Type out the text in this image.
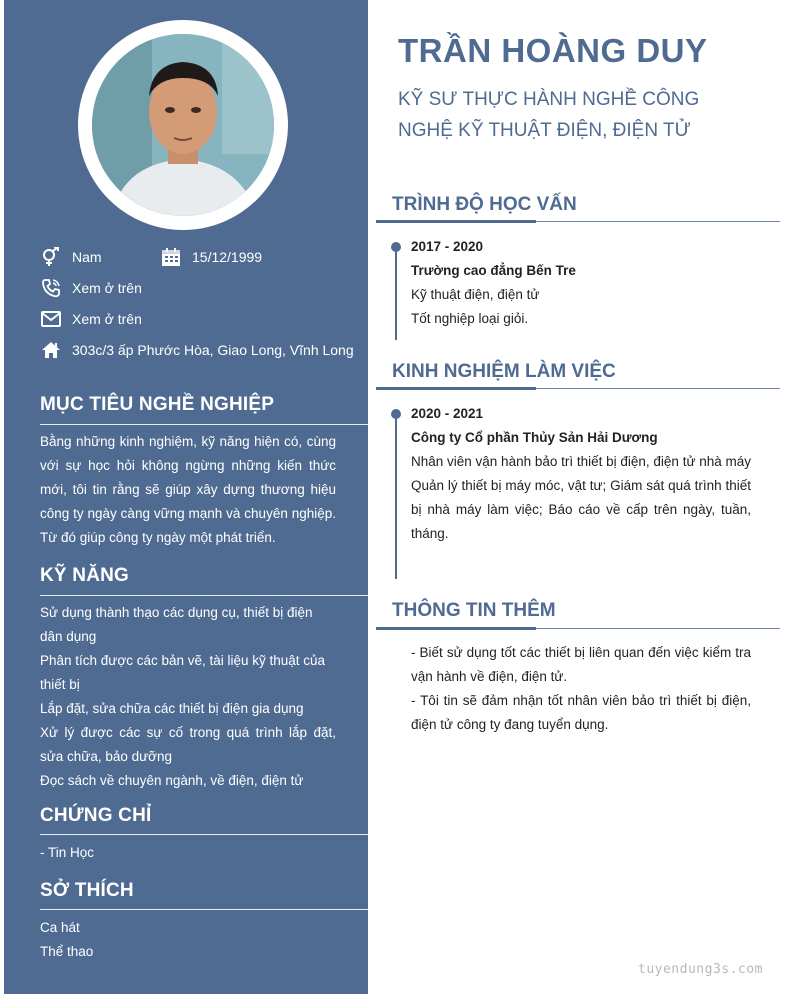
Nam	15/12/1999
Xem ở trên
Xem ở trên
303c/3 ấp Phước Hòa, Giao Long, Vĩnh Long
MỤC TIÊU NGHỀ NGHIỆP
Bằng những kinh nghiệm, kỹ năng hiện có, cùng với sự học hỏi không ngừng những kiến thức mới, tôi tin rằng sẽ giúp xây dựng thương hiệu công ty ngày càng vững mạnh và chuyên nghiệp. Từ đó giúp công ty ngày một phát triển.
KỸ NĂNG
Sử dụng thành thạo các dụng cụ, thiết bị điện dân dụng
Phân tích được các bản vẽ, tài liệu kỹ thuật của thiết bị
Lắp đặt, sửa chữa các thiết bị điện gia dụng
Xử lý được các sự cố trong quá trình lắp đặt, sửa chữa, bảo dưỡng
Đọc sách về chuyên ngành, về điện, điện tử
CHỨNG CHỈ
- Tin Học
SỞ THÍCH
Ca hát
Thể thao
TRẦN HOÀNG DUY
KỸ SƯ THỰC HÀNH NGHỀ CÔNG
NGHỆ KỸ THUẬT ĐIỆN, ĐIỆN TỬ
TRÌNH ĐỘ HỌC VẤN
2017 - 2020
Trường cao đẳng Bến Tre
Kỹ thuật điện, điện tử
Tốt nghiệp loại giỏi.
KINH NGHIỆM LÀM VIỆC
2020 - 2021
Công ty Cổ phần Thủy Sản Hải Dương
Nhân viên vận hành bảo trì thiết bị điện, điện tử nhà máy
Quản lý thiết bị máy móc, vật tư; Giám sát quá trình thiết bị nhà máy làm việc; Báo cáo về cấp trên ngày, tuần, tháng.
THÔNG TIN THÊM
- Biết sử dụng tốt các thiết bị liên quan đến việc kiểm tra vận hành về điện, điện tử.
- Tôi tin sẽ đảm nhận tốt nhân viên bảo trì thiết bị điện, điện tử công ty đang tuyển dụng.
tuyendung3s.com
